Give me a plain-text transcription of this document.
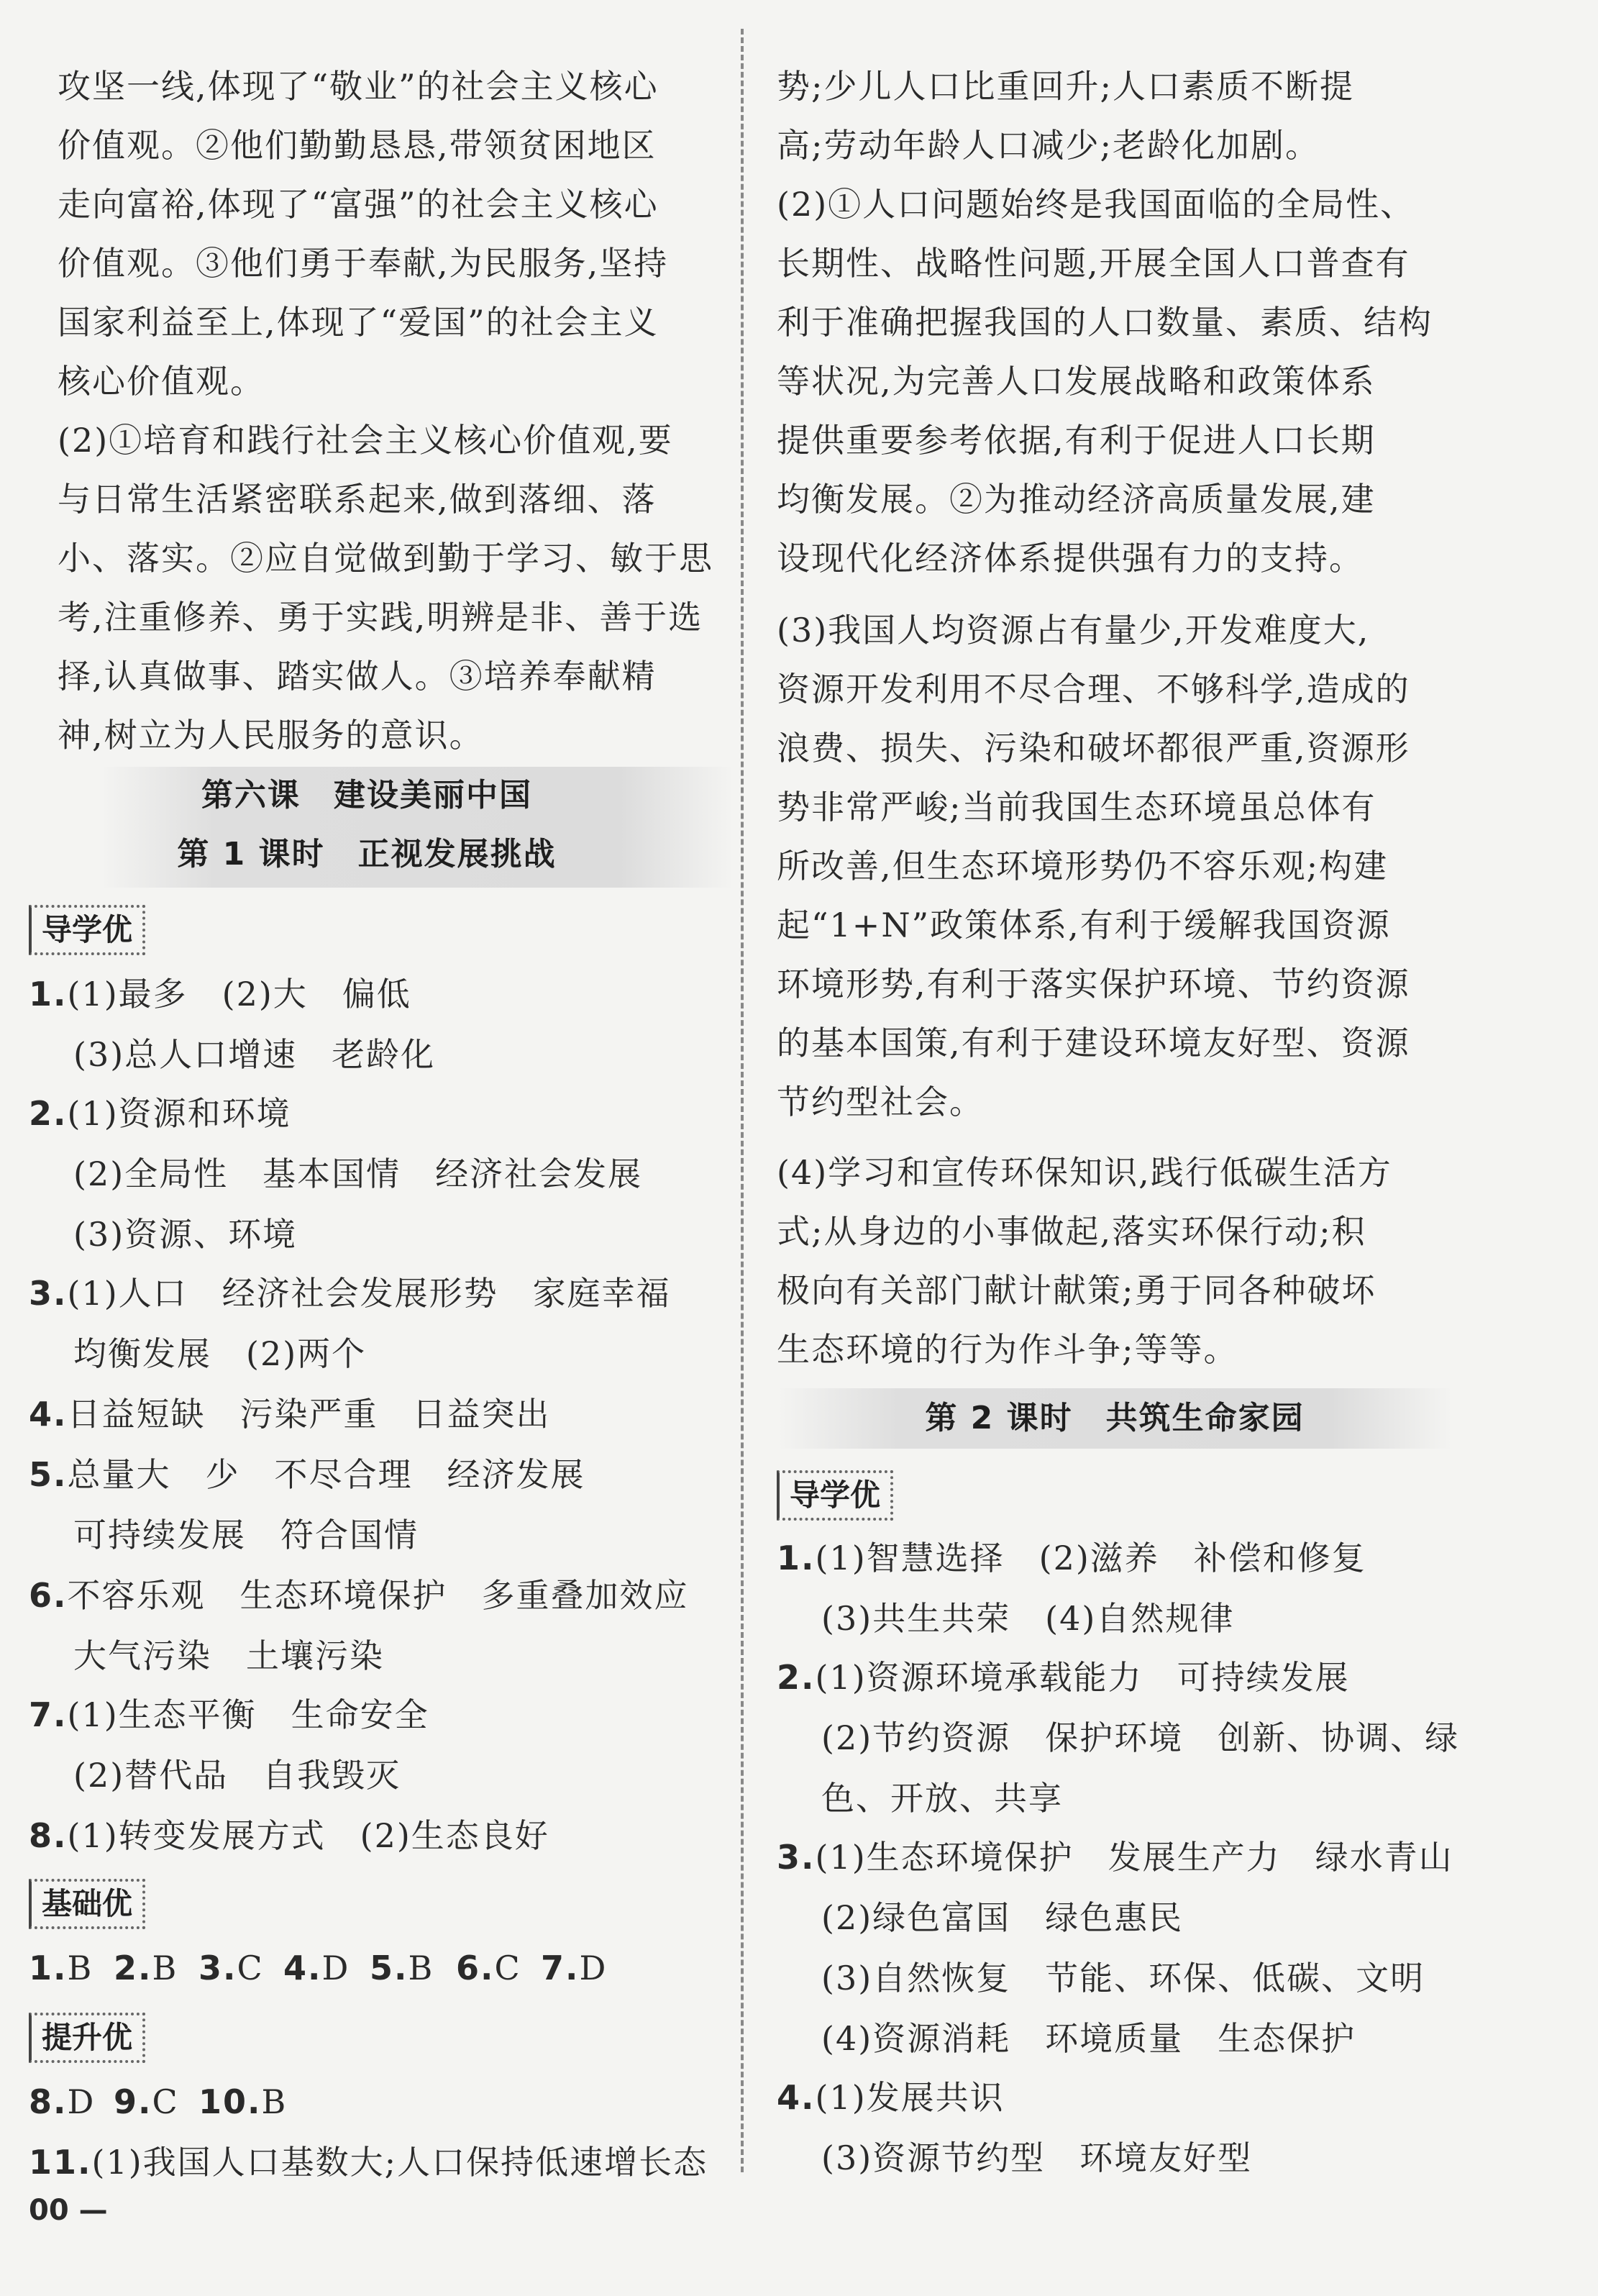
攻坚一线,体现了“敬业”的社会主义核心
价值观。②他们勤勤恳恳,带领贫困地区
走向富裕,体现了“富强”的社会主义核心
价值观。③他们勇于奉献,为民服务,坚持
国家利益至上,体现了“爱国”的社会主义
核心价值观。
(2)①培育和践行社会主义核心价值观,要
与日常生活紧密联系起来,做到落细、落
小、落实。②应自觉做到勤于学习、敏于思
考,注重修养、勇于实践,明辨是非、善于选
择,认真做事、踏实做人。③培养奉献精
神,树立为人民服务的意识。
第六课　建设美丽中国
第 1 课时　正视发展挑战
导学优
1.(1)最多　(2)大　偏低
(3)总人口增速　老龄化
2.(1)资源和环境
(2)全局性　基本国情　经济社会发展
(3)资源、环境
3.(1)人口　经济社会发展形势　家庭幸福
均衡发展　(2)两个
4.日益短缺　污染严重　日益突出
5.总量大　少　不尽合理　经济发展
可持续发展　符合国情
6.不容乐观　生态环境保护　多重叠加效应
大气污染　土壤污染
7.(1)生态平衡　生命安全
(2)替代品　自我毁灭
8.(1)转变发展方式　(2)生态良好
基础优
1.B 2.B 3.C 4.D 5.B 6.C 7.D
提升优
8.D 9.C 10.B
11.(1)我国人口基数大;人口保持低速增长态
00 —
势;少儿人口比重回升;人口素质不断提
高;劳动年龄人口减少;老龄化加剧。
(2)①人口问题始终是我国面临的全局性、
长期性、战略性问题,开展全国人口普查有
利于准确把握我国的人口数量、素质、结构
等状况,为完善人口发展战略和政策体系
提供重要参考依据,有利于促进人口长期
均衡发展。②为推动经济高质量发展,建
设现代化经济体系提供强有力的支持。
(3)我国人均资源占有量少,开发难度大,
资源开发利用不尽合理、不够科学,造成的
浪费、损失、污染和破坏都很严重,资源形
势非常严峻;当前我国生态环境虽总体有
所改善,但生态环境形势仍不容乐观;构建
起“1+N”政策体系,有利于缓解我国资源
环境形势,有利于落实保护环境、节约资源
的基本国策,有利于建设环境友好型、资源
节约型社会。
(4)学习和宣传环保知识,践行低碳生活方
式;从身边的小事做起,落实环保行动;积
极向有关部门献计献策;勇于同各种破坏
生态环境的行为作斗争;等等。
第 2 课时　共筑生命家园
导学优
1.(1)智慧选择　(2)滋养　补偿和修复
(3)共生共荣　(4)自然规律
2.(1)资源环境承载能力　可持续发展
(2)节约资源　保护环境　创新、协调、绿
色、开放、共享
3.(1)生态环境保护　发展生产力　绿水青山
(2)绿色富国　绿色惠民
(3)自然恢复　节能、环保、低碳、文明
(4)资源消耗　环境质量　生态保护
4.(1)发展共识
(3)资源节约型　环境友好型
